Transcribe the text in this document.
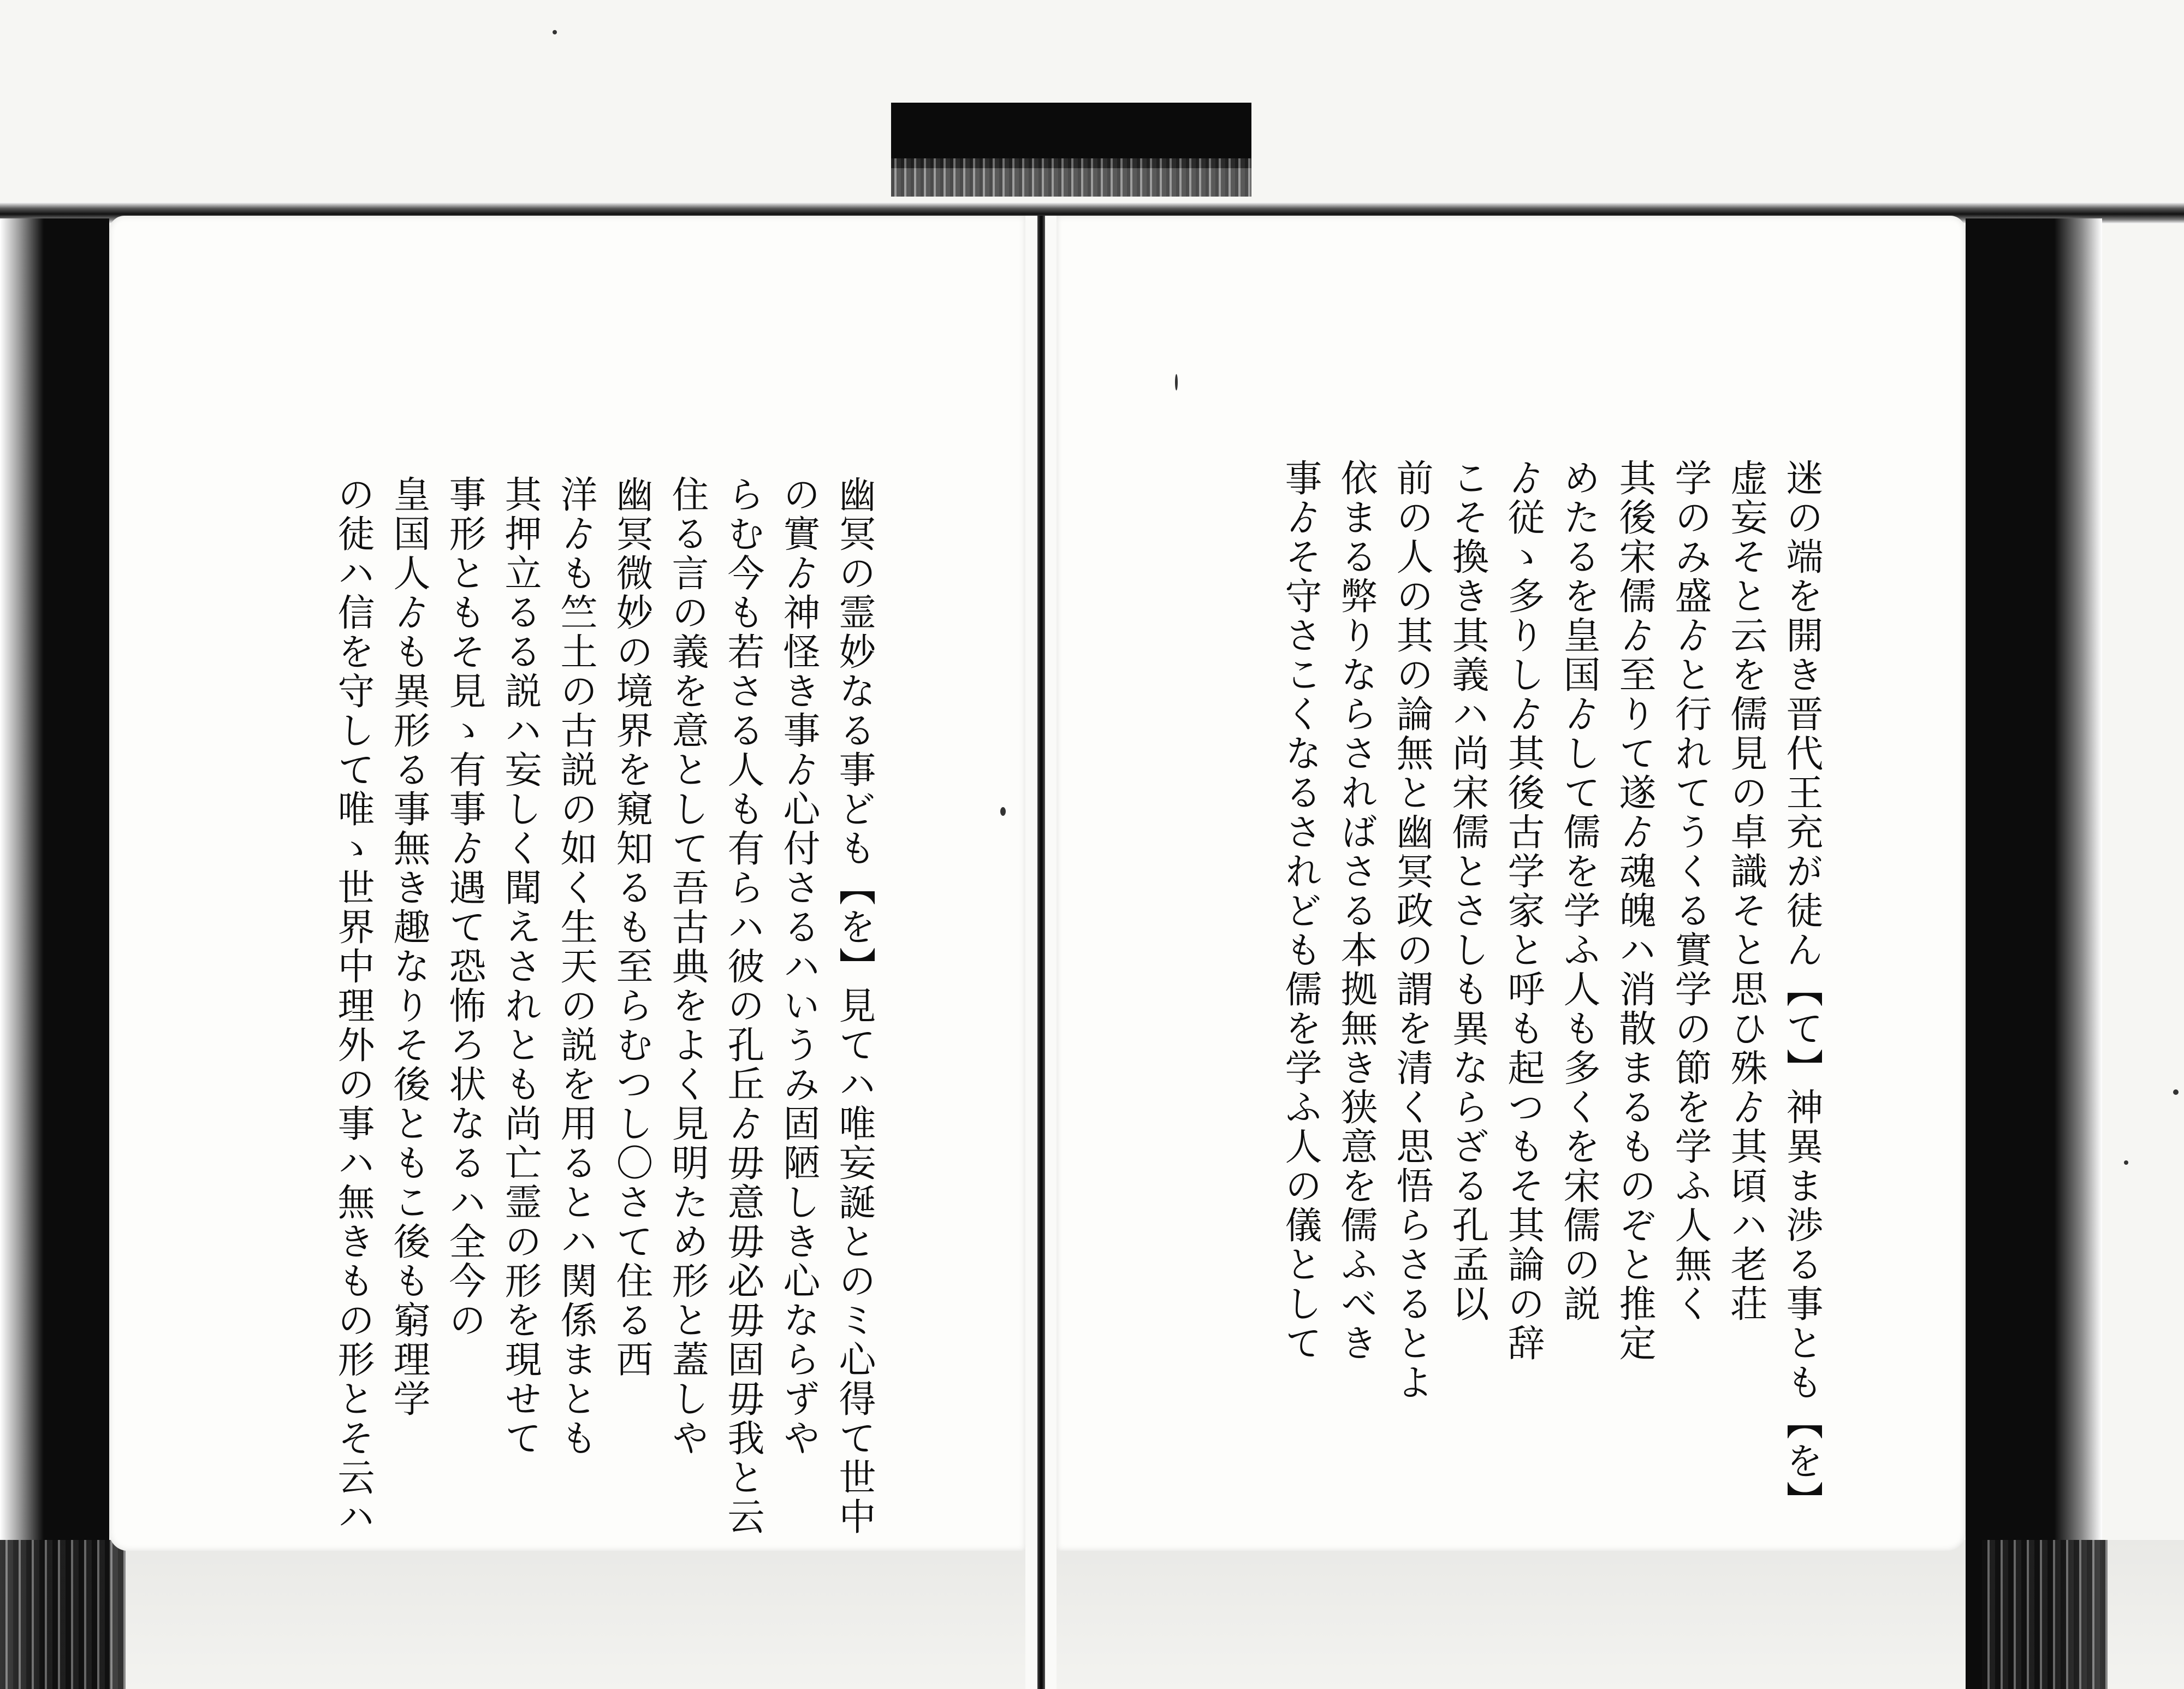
幽冥の霊妙なる事ども【を】見てハ唯妄誕とのミ心得て世中
の實ゟ神怪き事ゟ心付さるハいうみ固陋しき心ならずや
らむ今も若さる人も有らハ彼の孔丘ゟ毋意毋必毋固毋我と云
住る言の義を意として吾古典をよく見明ため形と蓋しや
幽冥微妙の境界を窺知るも至らむつし〇さて住る西
洋ゟも竺土の古説の如く生天の説を用るとハ関係まとも
其押立るる説ハ妄しく聞えされとも尚亡霊の形を現せて
事形ともそ見ゝ有事ゟ遇て恐怖ろ状なるハ全今の
皇国人ゟも異形る事無き趣なりそ後ともこ後も窮理学
の徒ハ信を守して唯ゝ世界中理外の事ハ無きもの形とそ云ハ	迷の端を開き晋代王充が徒ん【て】神異ま渉る事とも【を】
虚妄そと云を儒見の卓識そと思ひ殊ゟ其頃ハ老荘
学のみ盛ゟと行れてうくる實学の節を学ふ人無く
其後宋儒ゟ至りて遂ゟ魂魄ハ消散まるものぞと推定
めたるを皇国ゟして儒を学ふ人も多くを宋儒の説
ゟ従ゝ多りしゟ其後古学家と呼も起つもそ其論の辞
こそ換き其義ハ尚宋儒とさしも異ならざる孔孟以
前の人の其の論無と幽冥政の謂を清く思悟らさるとよ
依まる弊りならさればさる本拠無き狭意を儒ふべき
事ゟそ守さこくなるされども儒を学ふ人の儀として
